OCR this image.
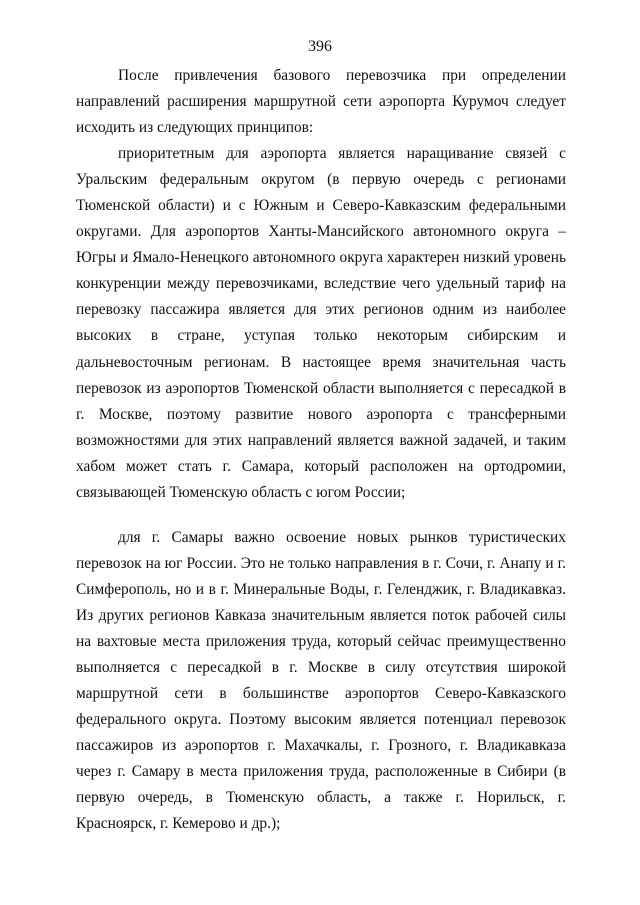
396

После привлечения базового перевозчика при определении направлений расширения маршрутной сети аэропорта Курумоч следует исходить из следующих принципов:

приоритетным для аэропорта является наращивание связей с Уральским федеральным округом (в первую очередь с регионами Тюменской области) и с Южным и Северо-Кавказским федеральными округами. Для аэропортов Ханты-Мансийского автономного округа – Югры и Ямало-Ненецкого автономного округа характерен низкий уровень конкуренции между перевозчиками, вследствие чего удельный тариф на перевозку пассажира является для этих регионов одним из наиболее высоких в стране, уступая только некоторым сибирским и дальневосточным регионам. В настоящее время значительная часть перевозок из аэропортов Тюменской области выполняется с пересадкой в г. Москве, поэтому развитие нового аэропорта с трансферными возможностями для этих направлений является важной задачей, и таким хабом может стать г. Самара, который расположен на ортодромии, связывающей Тюменскую область с югом России;

для г. Самары важно освоение новых рынков туристических перевозок на юг России. Это не только направления в г. Сочи, г. Анапу и г. Симферополь, но и в г. Минеральные Воды, г. Геленджик, г. Владикавказ. Из других регионов Кавказа значительным является поток рабочей силы на вахтовые места приложения труда, который сейчас преимущественно выполняется с пересадкой в г. Москве в силу отсутствия широкой маршрутной сети в большинстве аэропортов Северо-Кавказского федерального округа. Поэтому высоким является потенциал перевозок пассажиров из аэропортов г. Махачкалы, г. Грозного, г. Владикавказа через г. Самару в места приложения труда, расположенные в Сибири (в первую очередь, в Тюменскую область, а также г. Норильск, г. Красноярск, г. Кемерово и др.);
